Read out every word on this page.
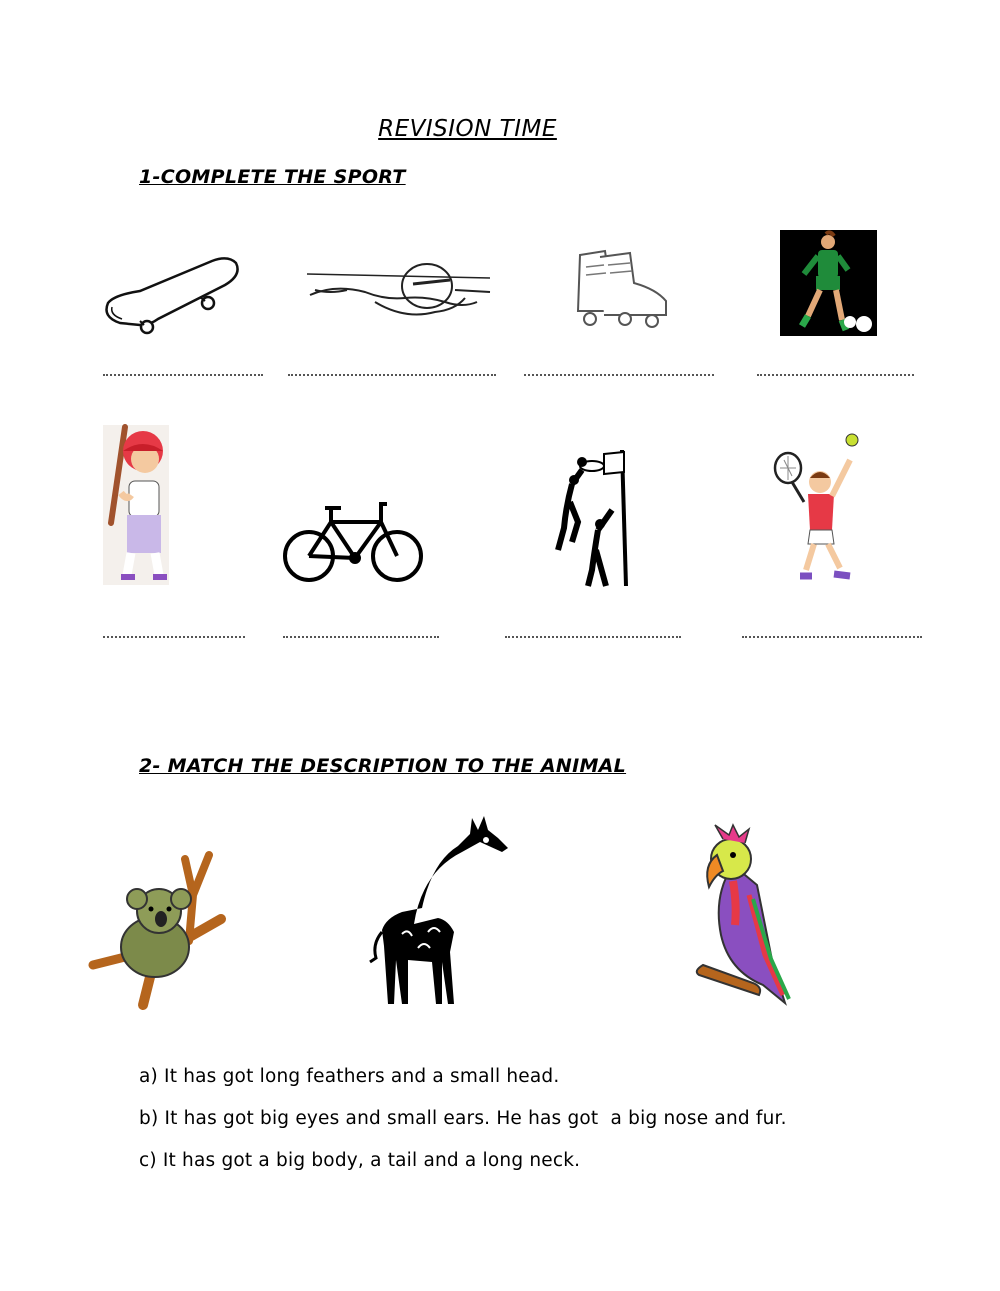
REVISION TIME
1-COMPLETE THE SPORT
2- MATCH THE DESCRIPTION TO THE ANIMAL
a) It has got long feathers and a small head.
b) It has got big eyes and small ears. He has got  a big nose and fur.
c) It has got a big body, a tail and a long neck.
